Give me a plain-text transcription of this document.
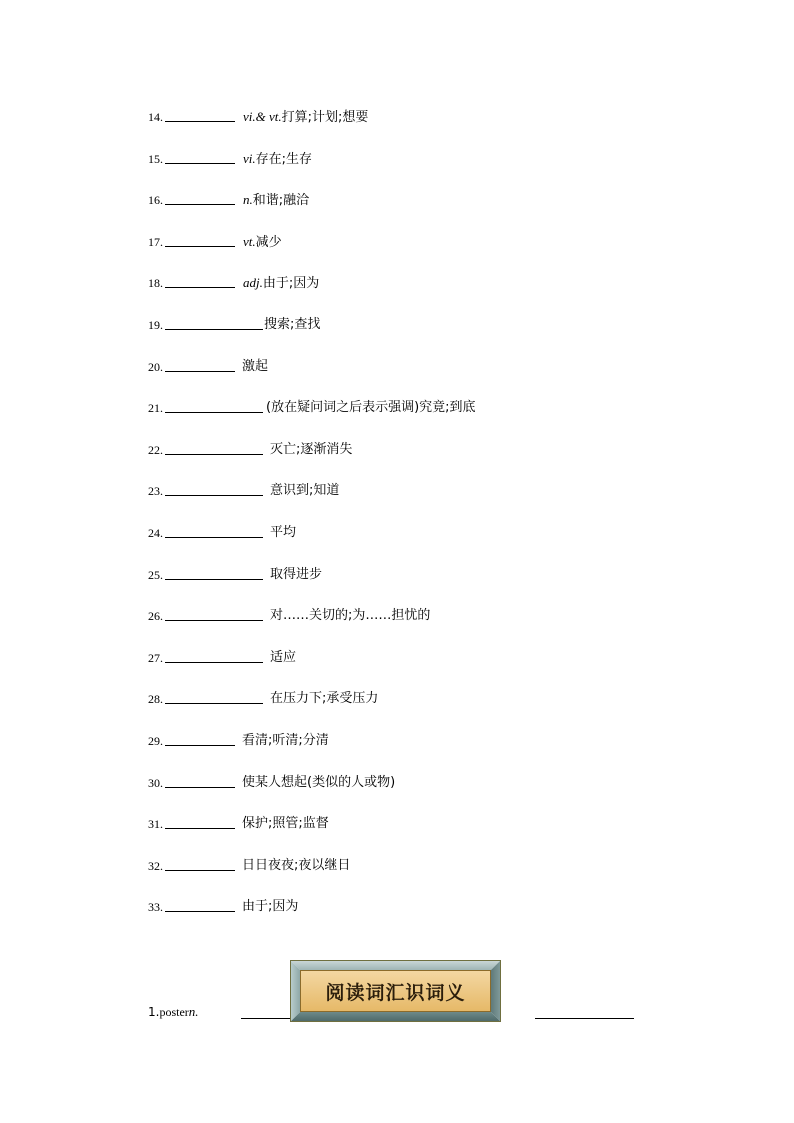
14.	vi.& vt.打算;计划;想要
15.	vi.存在;生存
16.	n.和谐;融洽
17.	vt.减少
18.	adj.由于;因为
19.	搜索;查找
20.	激起
21.	(放在疑问词之后表示强调)究竟;到底
22.	灭亡;逐渐消失
23.	意识到;知道
24.	平均
25.	取得进步
26.	对……关切的;为……担忧的
27.	适应
28.	在压力下;承受压力
29.	看清;听清;分清
30.	使某人想起(类似的人或物)
31.	保护;照管;监督
32.	日日夜夜;夜以继日
33.	由于;因为
1.postern.
阅读词汇识词义
